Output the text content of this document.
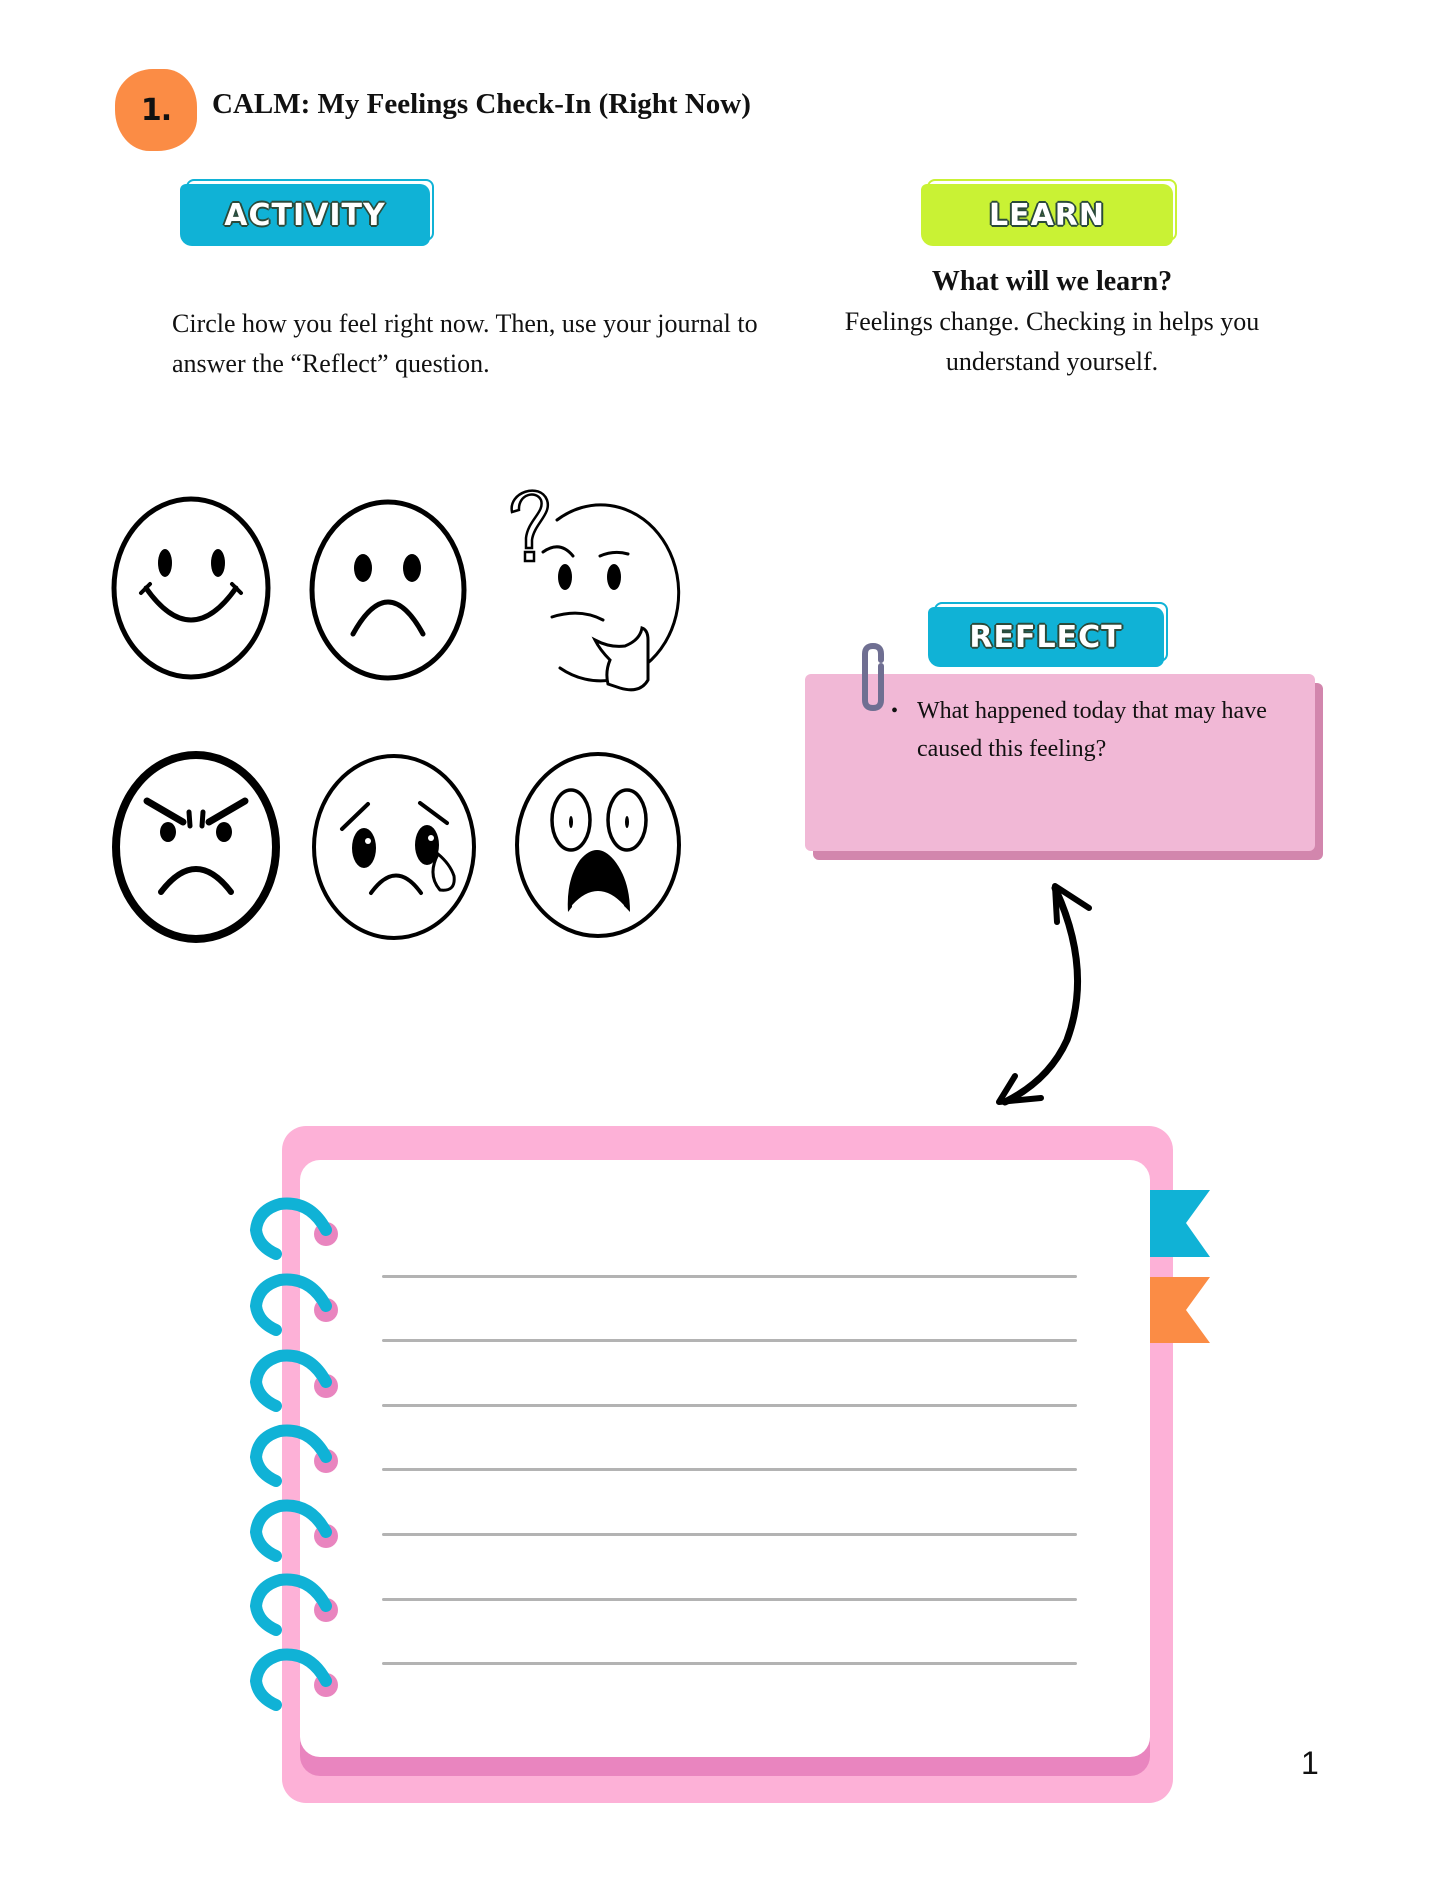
1. CALM: My Feelings Check-In (Right Now)
ACTIVITY
Circle how you feel right now. Then, use your journal to answer the “Reflect” question.
LEARN
What will we learn?
Feelings change. Checking in helps you understand yourself.
• What happened today that may have caused this feeling?
REFLECT
1
